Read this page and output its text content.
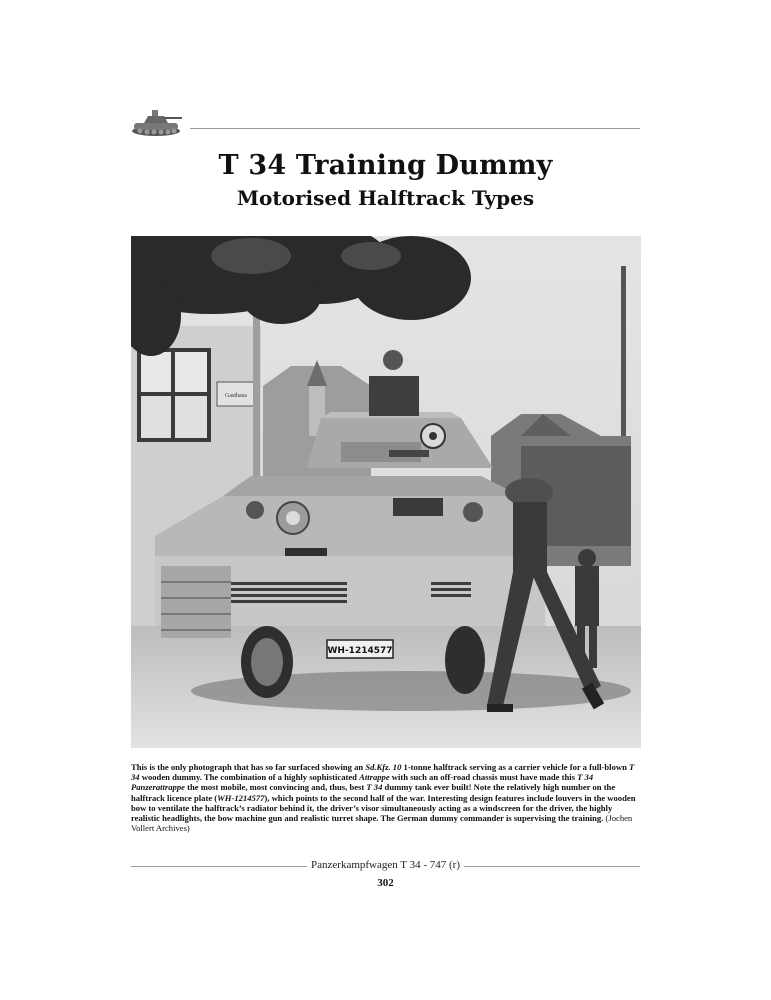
T 34 Training Dummy
Motorised Halftrack Types
Gasthaus
WH-1214577
This is the only photograph that has so far surfaced showing an Sd.Kfz. 10 1-tonne halftrack serving as a carrier vehicle for a full-blown T 34 wooden dummy. The combination of a highly sophisticated Attrappe with such an off-road chassis must have made this T 34 Panzerattrappe the most mobile, most convincing and, thus, best T 34 dummy tank ever built! Note the relatively high number on the halftrack licence plate (WH-1214577), which points to the second half of the war. Interesting design features include louvers in the wooden bow to ventilate the halftrack’s radiator behind it, the driver’s visor simultaneously acting as a windscreen for the driver, the highly realistic headlights, the bow machine gun and realistic turret shape. The German dummy commander is supervising the training. (Jochen Vollert Archives)
Panzerkampfwagen T 34 - 747 (r)
302
